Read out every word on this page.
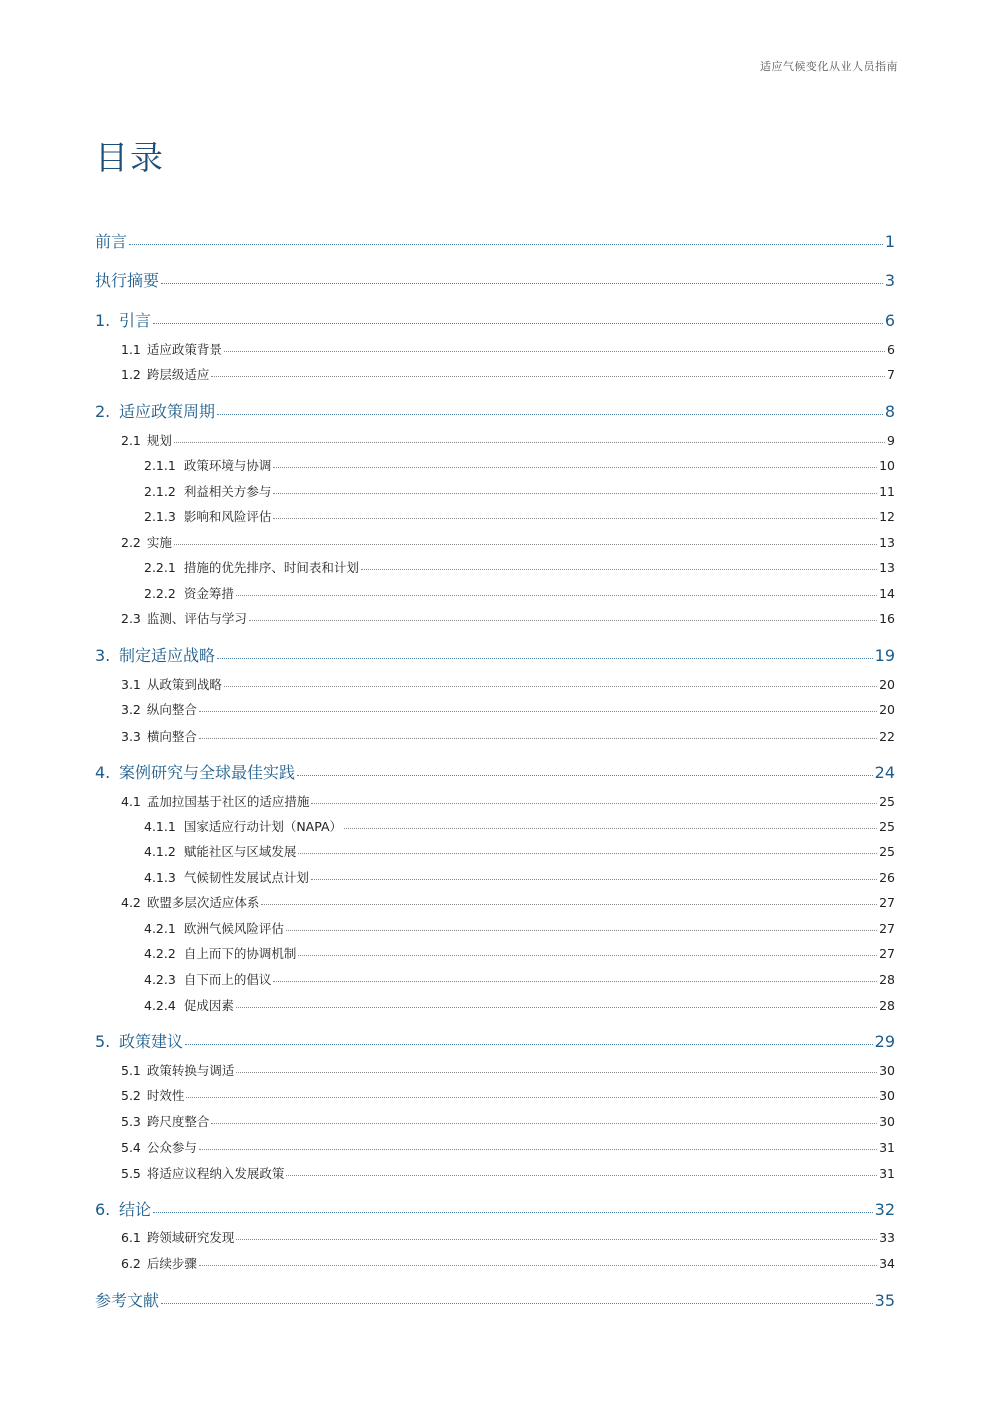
适应气候变化从业人员指南
目录
前言	1
执行摘要	3
1. 引言	6
1.1 适应政策背景	6
1.2 跨层级适应	7
2. 适应政策周期	8
2.1 规划	9
2.1.1 政策环境与协调	10
2.1.2 利益相关方参与	11
2.1.3 影响和风险评估	12
2.2 实施	13
2.2.1 措施的优先排序、时间表和计划	13
2.2.2 资金筹措	14
2.3 监测、评估与学习	16
3. 制定适应战略	19
3.1 从政策到战略	20
3.2 纵向整合	20
3.3 横向整合	22
4. 案例研究与全球最佳实践	24
4.1 孟加拉国基于社区的适应措施	25
4.1.1 国家适应行动计划（NAPA）	25
4.1.2 赋能社区与区域发展	25
4.1.3 气候韧性发展试点计划	26
4.2 欧盟多层次适应体系	27
4.2.1 欧洲气候风险评估	27
4.2.2 自上而下的协调机制	27
4.2.3 自下而上的倡议	28
4.2.4 促成因素	28
5. 政策建议	29
5.1 政策转换与调适	30
5.2 时效性	30
5.3 跨尺度整合	30
5.4 公众参与	31
5.5 将适应议程纳入发展政策	31
6. 结论	32
6.1 跨领域研究发现	33
6.2 后续步骤	34
参考文献	35
